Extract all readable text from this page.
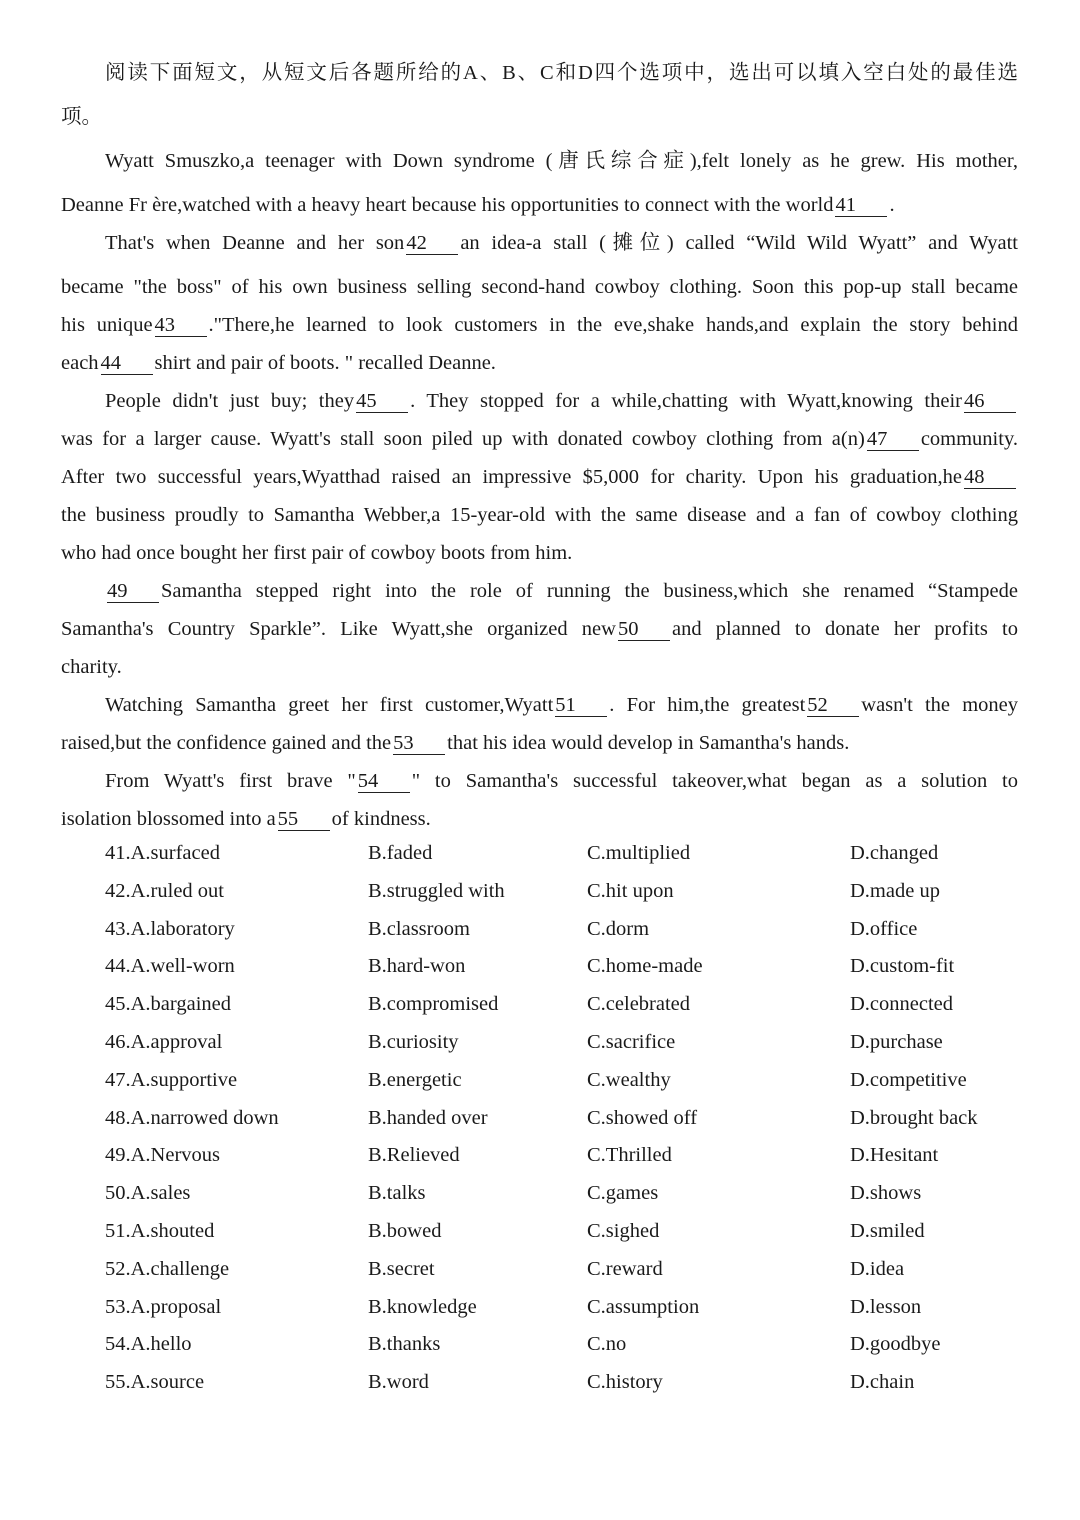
阅读下面短文，从短文后各题所给的A、B、C和D四个选项中，选出可以填入空白处的最佳选
项。
Wyatt Smuszko,a teenager with Down syndrome (唐氏综合症),felt lonely as he grew. His mother,
Deanne Fr ère,watched with a heavy heart because his opportunities to connect with the world41 .
That's when Deanne and her son42 an idea-a stall (摊位) called “Wild Wild Wyatt” and Wyatt
became "the boss" of his own business selling second-hand cowboy clothing. Soon this pop-up stall became
his unique43 ."There,he learned to look customers in the eve,shake hands,and explain the story behind
each44 shirt and pair of boots. " recalled Deanne.
People didn't just buy; they45 . They stopped for a while,chatting with Wyatt,knowing their46
was for a larger cause. Wyatt's stall soon piled up with donated cowboy clothing from a(n)47 community.
After two successful years,Wyatthad raised an impressive $5,000 for charity. Upon his graduation,he48
the business proudly to Samantha Webber,a 15-year-old with the same disease and a fan of cowboy clothing
who had once bought her first pair of cowboy boots from him.
49 Samantha stepped right into the role of running the business,which she renamed “Stampede
Samantha's Country Sparkle”. Like Wyatt,she organized new50 and planned to donate her profits to
charity.
Watching Samantha greet her first customer,Wyatt51 . For him,the greatest52 wasn't the money
raised,but the confidence gained and the53 that his idea would develop in Samantha's hands.
From Wyatt's first brave "54 " to Samantha's successful takeover,what began as a solution to
isolation blossomed into a55 of kindness.
41.A.surfaced	B.faded	C.multiplied	D.changed
42.A.ruled out	B.struggled with	C.hit upon	D.made up
43.A.laboratory	B.classroom	C.dorm	D.office
44.A.well-worn	B.hard-won	C.home-made	D.custom-fit
45.A.bargained	B.compromised	C.celebrated	D.connected
46.A.approval	B.curiosity	C.sacrifice	D.purchase
47.A.supportive	B.energetic	C.wealthy	D.competitive
48.A.narrowed down	B.handed over	C.showed off	D.brought back
49.A.Nervous	B.Relieved	C.Thrilled	D.Hesitant
50.A.sales	B.talks	C.games	D.shows
51.A.shouted	B.bowed	C.sighed	D.smiled
52.A.challenge	B.secret	C.reward	D.idea
53.A.proposal	B.knowledge	C.assumption	D.lesson
54.A.hello	B.thanks	C.no	D.goodbye
55.A.source	B.word	C.history	D.chain
